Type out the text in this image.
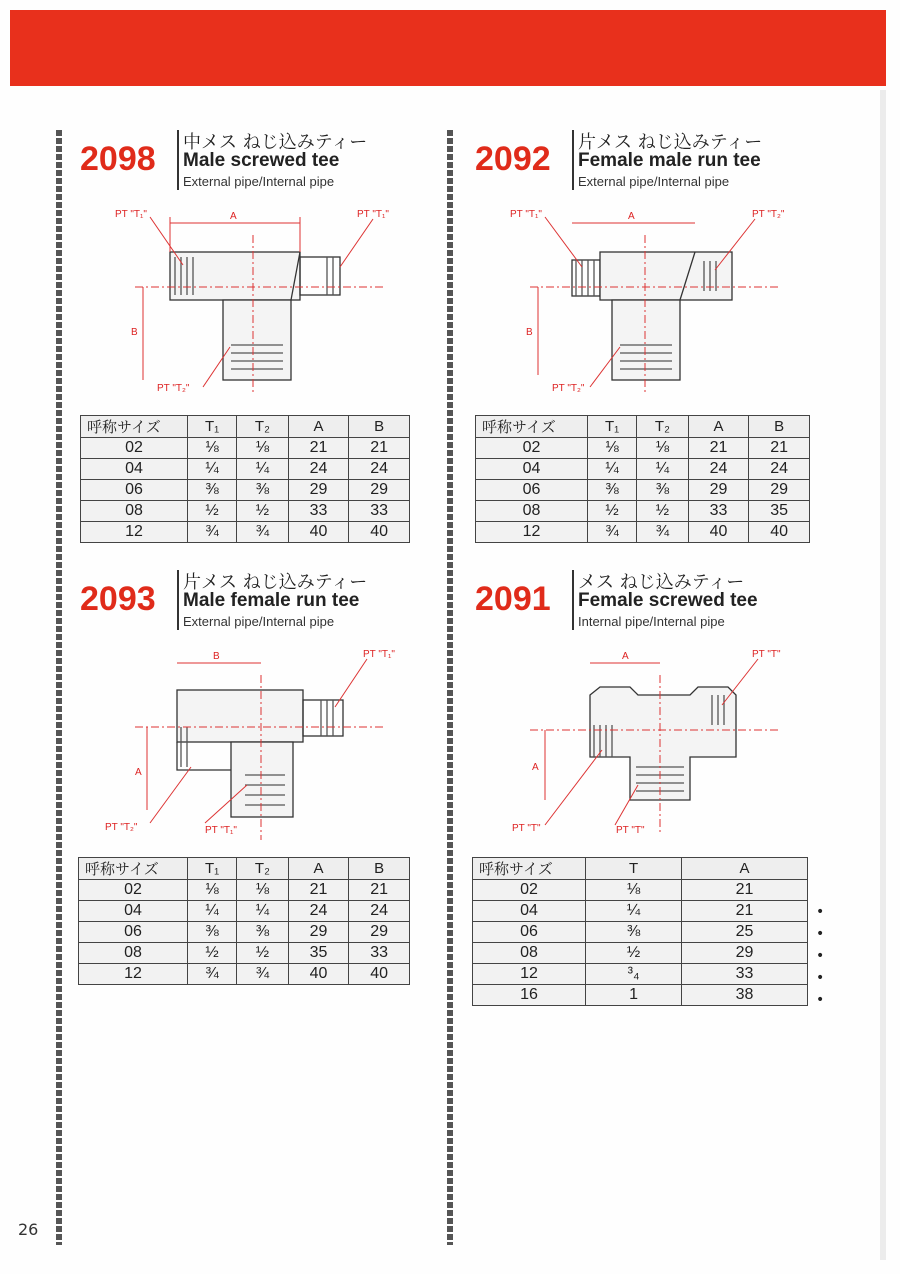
2098 中メス ねじ込みティー
Male screwed tee
External pipe/Internal pipe
PT "T₁"	PT "T₁"
PT "T₂"
A
B
呼称サイズ	T₁	T₂	A	B
02	⅛	⅛	21	21
04	¼	¼	24	24
06	⅜	⅜	29	29
08	½	½	33	33
12	¾	¾	40	40
2092 片メス ねじ込みティー
Female male run tee
External pipe/Internal pipe
PT "T₁"	PT "T₂"
PT "T₂"
A
B
呼称サイズ	T₁	T₂	A	B
02	⅛	⅛	21	21
04	¼	¼	24	24
06	⅜	⅜	29	29
08	½	½	33	35
12	¾	¾	40	40
2093 片メス ねじ込みティー
Male female run tee
External pipe/Internal pipe
B
A
PT "T₁"
PT "T₂"	PT "T₁"
呼称サイズ	T₁	T₂	A	B
02	⅛	⅛	21	21
04	¼	¼	24	24
06	⅜	⅜	29	29
08	½	½	35	33
12	¾	¾	40	40
2091 メス ねじ込みティー
Female screwed tee
Internal pipe/Internal pipe
A
A
PT "T"
PT "T"	PT "T"
呼称サイズ	T	A
02	⅛	21
04	¼	21
06	⅜	25
08	½	29
12	³₄	33
16	1	38
•
•
•
•
•
26
